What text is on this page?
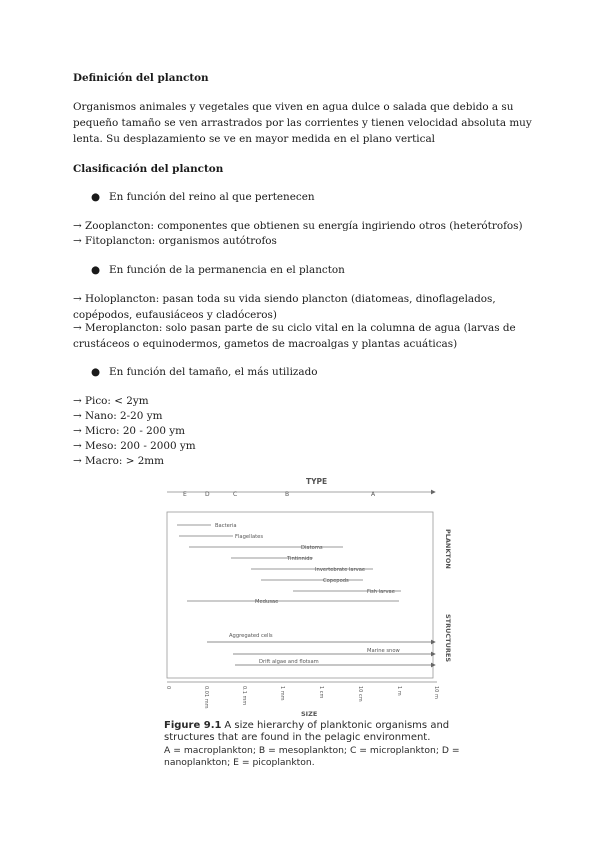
Definición del plancton
Organismos animales y vegetales que viven en agua dulce o salada que debido a su pequeño tamaño se ven arrastrados por las corrientes y tienen velocidad absoluta muy lenta. Su desplazamiento se ve en mayor medida en el plano vertical
Clasificación del plancton
● En función del reino al que pertenecen
→ Zooplancton: componentes que obtienen su energía ingiriendo otros (heterótrofos)
→ Fitoplancton: organismos autótrofos
● En función de la permanencia en el plancton
→ Holoplancton: pasan toda su vida siendo plancton (diatomeas, dinoflagelados, copépodos, eufausiáceos y cladóceros)
→ Meroplancton: solo pasan parte de su ciclo vital en la columna de agua (larvas de crustáceos o equinodermos, gametos de macroalgas y plantas acuáticas)
● En función del tamaño, el más utilizado
→ Pico: < 2ym
→ Nano: 2-20 ym
→ Micro: 20 - 200 ym
→ Meso: 200 - 2000 ym
→ Macro: > 2mm
TYPE
E	D	C	B	A
PLANKTON
STRUCTURES
Bacteria
Flagellates
Diatoms
Tintinnids
Invertebrate larvae
Copepods
Fish larvae
Medusae
Aggregated cells
Marine snow
Drift algae and flotsam
0	0.01 mm	0.1 mm	1 mm	1 cm	10 cm	1 m	10 m
SIZE
Figure 9.1 A size hierarchy of planktonic organisms and structures that are found in the pelagic environment.
A = macroplankton; B = mesoplankton; C = microplankton; D = nanoplankton; E = picoplankton.
